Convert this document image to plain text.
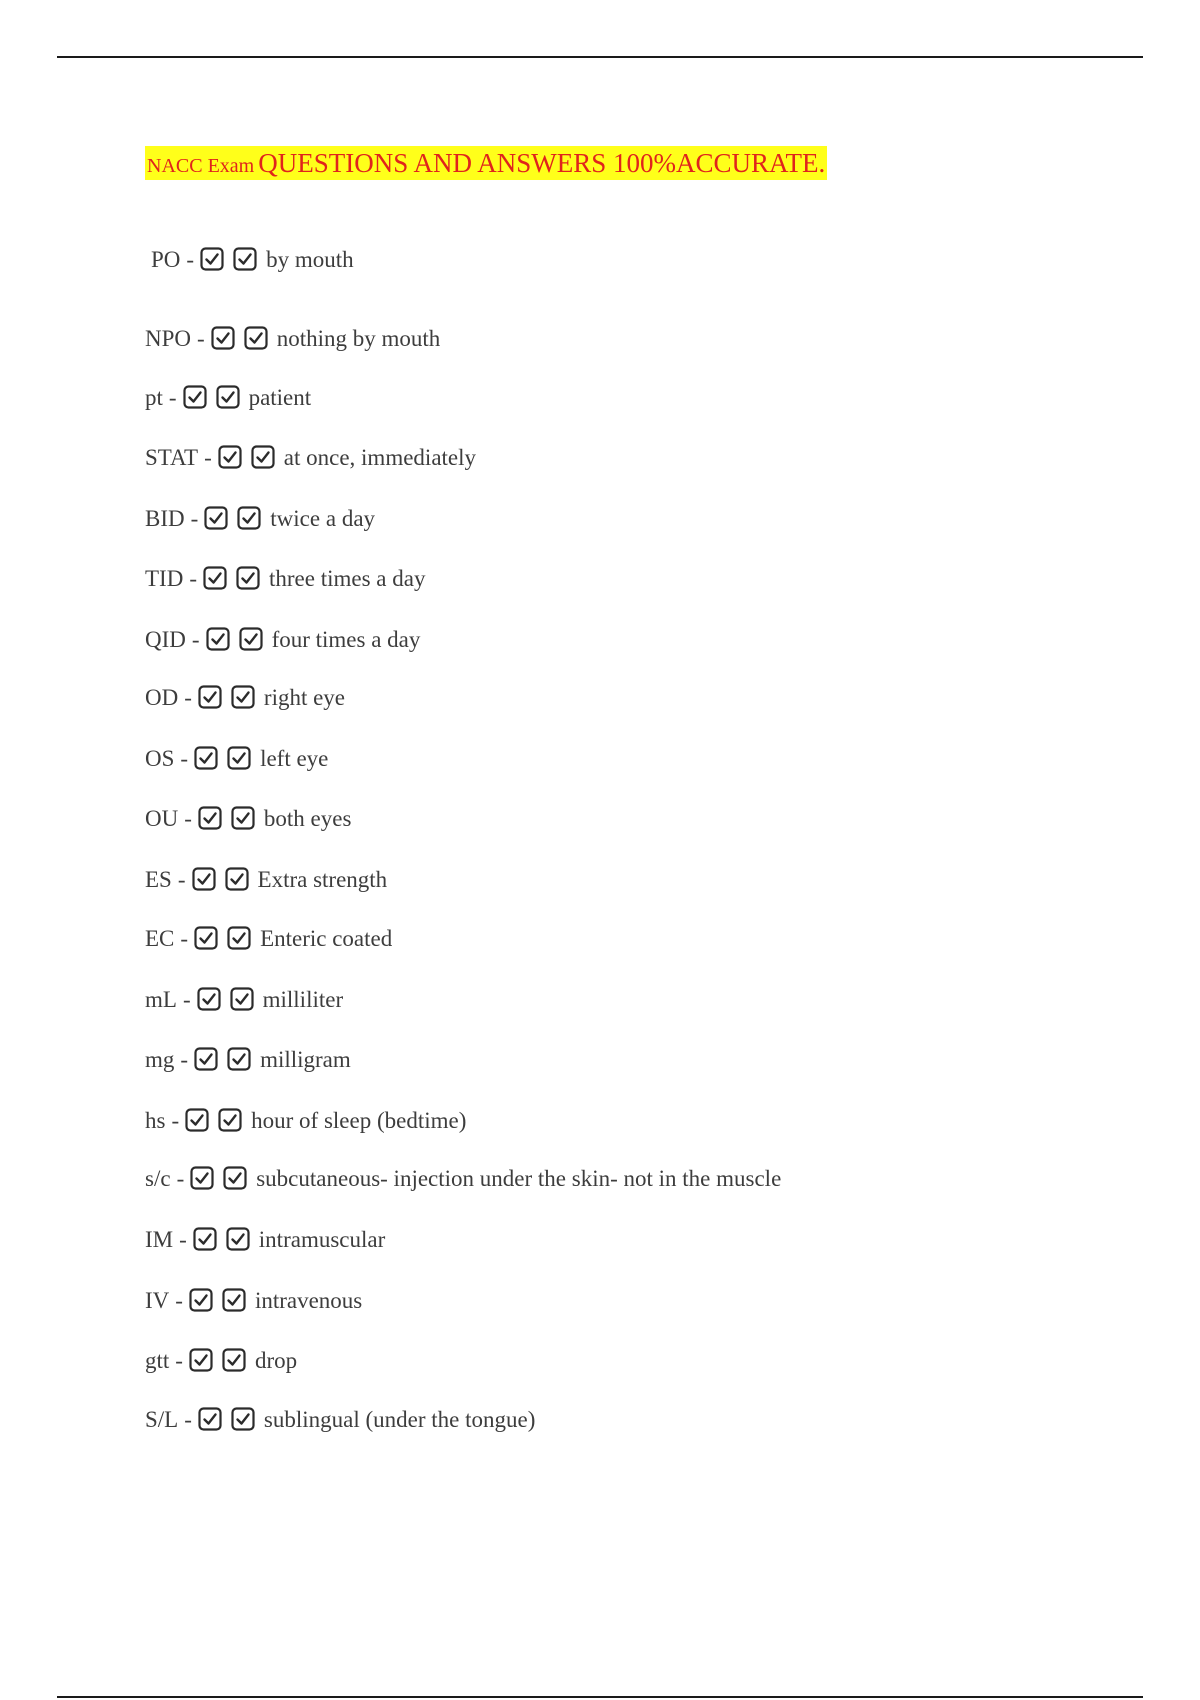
NACC Exam QUESTIONS AND ANSWERS 100%ACCURATE.
PO -	by mouth
NPO -	nothing by mouth
pt -	patient
STAT -	at once, immediately
BID -	twice a day
TID -	three times a day
QID -	four times a day
OD -	right eye
OS -	left eye
OU -	both eyes
ES -	Extra strength
EC -	Enteric coated
mL -	milliliter
mg -	milligram
hs -	hour of sleep (bedtime)
s/c -	subcutaneous- injection under the skin- not in the muscle
IM -	intramuscular
IV -	intravenous
gtt -	drop
S/L -	sublingual (under the tongue)
